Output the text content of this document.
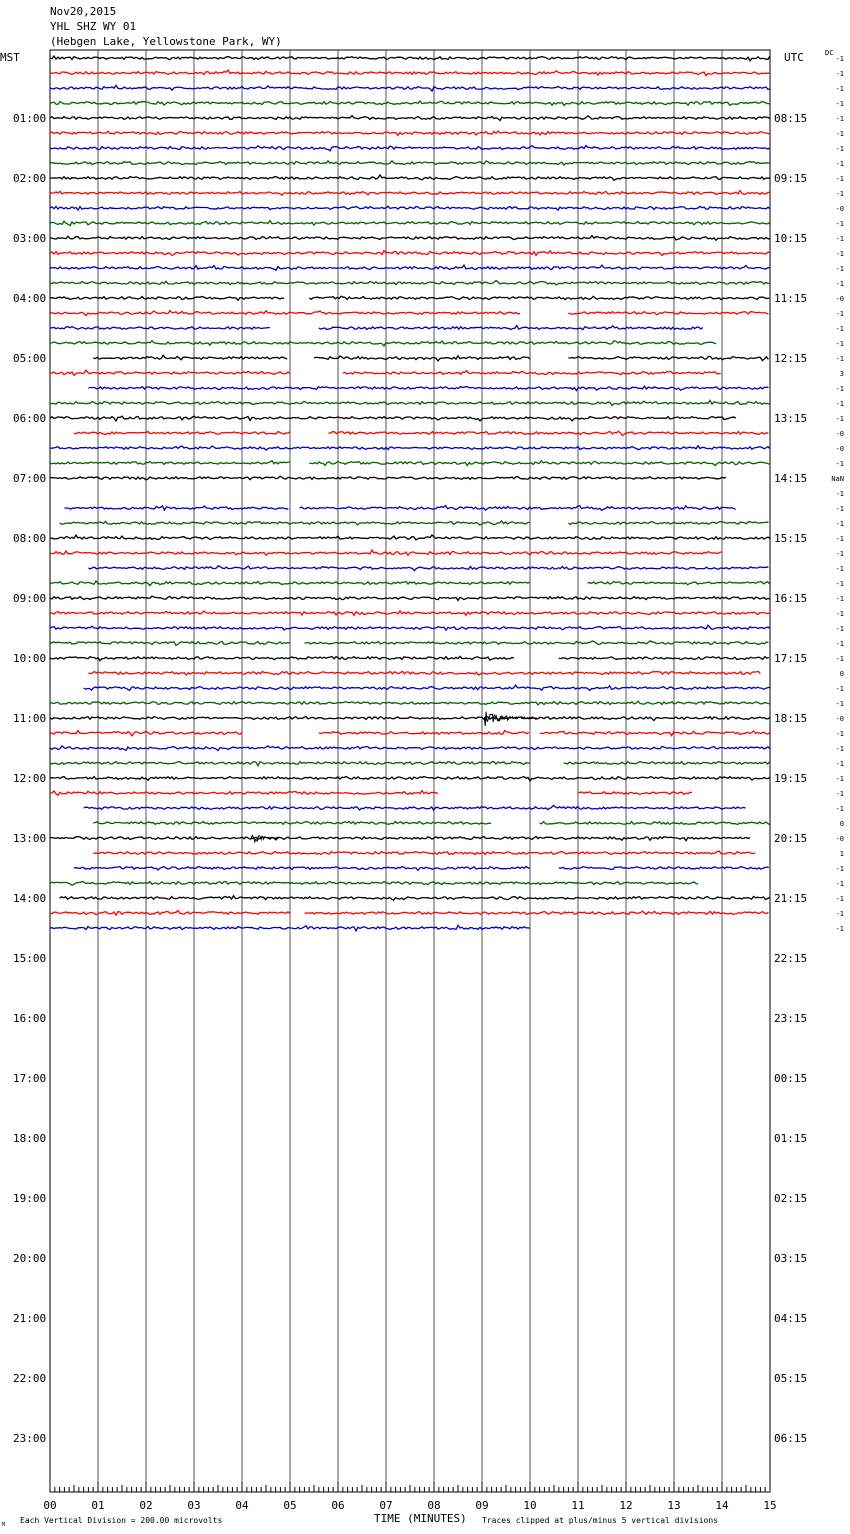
Nov20,2015
YHL SHZ WY 01
(Hebgen Lake, Yellowstone Park, WY)
MST	UTC	DC
01:00
02:00
03:00
04:00
05:00
06:00
07:00
08:00
09:00
10:00
11:00
12:00
13:00
14:00
15:00
16:00
17:00
18:00
19:00
20:00
21:00
22:00
23:00
08:15
09:15
10:15
11:15
12:15
13:15
14:15
15:15
16:15
17:15
18:15
19:15
20:15
21:15
22:15
23:15
00:15
01:15
02:15
03:15
04:15
05:15
06:15
-1
-1
-1
-1
-1
-1
-1
-1
-1
-1
-0
-1
-1
-1
-1
-1
-0
-1
-1
-1
-1
3
-1
-1
-1
-0
-0
-1
NaN
-1
-1
-1
-1
-1
-1
-1
-1
-1
-1
-1
-1
0
-1
-1
-0
-1
-1
-1
-1
-1
-1
0
-0
1
-1
-1
-1
-1
-1
00	01	02	03	04	05	06	07	08	09	10	11	12	13	14	15
TIME (MINUTES)
Each Vertical Division = 200.00 microvolts	Traces clipped at plus/minus 5 vertical divisions
M
